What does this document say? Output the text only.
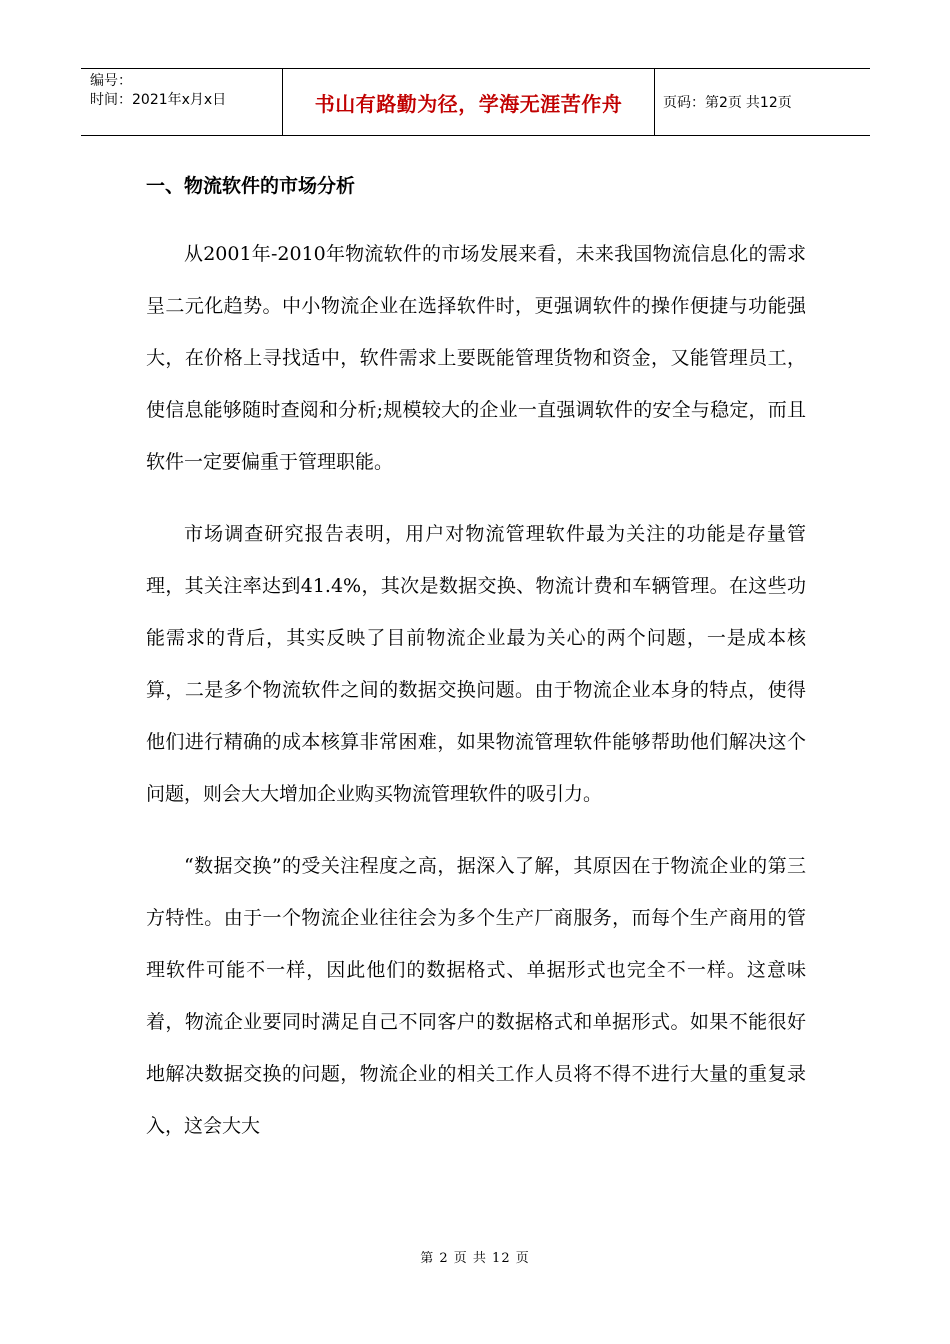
编号：
时间：2021年x月x日	书山有路勤为径，学海无涯苦作舟	页码：第2页 共12页
一、物流软件的市场分析

从2001年-2010年物流软件的市场发展来看，未来我国物流信息化的需求呈二元化趋势。中小物流企业在选择软件时，更强调软件的操作便捷与功能强大，在价格上寻找适中，软件需求上要既能管理货物和资金，又能管理员工，使信息能够随时查阅和分析;规模较大的企业一直强调软件的安全与稳定，而且软件一定要偏重于管理职能。

市场调查研究报告表明，用户对物流管理软件最为关注的功能是存量管理，其关注率达到41.4%，其次是数据交换、物流计费和车辆管理。在这些功能需求的背后，其实反映了目前物流企业最为关心的两个问题，一是成本核算，二是多个物流软件之间的数据交换问题。由于物流企业本身的特点，使得他们进行精确的成本核算非常困难，如果物流管理软件能够帮助他们解决这个问题，则会大大增加企业购买物流管理软件的吸引力。

“数据交换”的受关注程度之高，据深入了解，其原因在于物流企业的第三方特性。由于一个物流企业往往会为多个生产厂商服务，而每个生产商用的管理软件可能不一样，因此他们的数据格式、单据形式也完全不一样。这意味着，物流企业要同时满足自己不同客户的数据格式和单据形式。如果不能很好地解决数据交换的问题，物流企业的相关工作人员将不得不进行大量的重复录入，这会大大

第 2 页 共 12 页
